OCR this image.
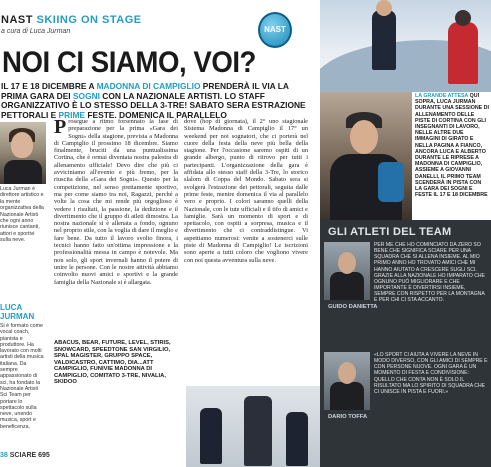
NAST SKIING ON STAGE
a cura di Luca Jurman	NAST
NOI CI SIAMO, VOI?
IL 17 E 18 DICEMBRE A MADONNA DI CAMPIGLIO PRENDERÀ IL VIA LA PRIMA GARA DEI SOGNI CON LA NAZIONALE ARTISTI. LO STAFF ORGANIZZATIVO È LO STESSO DELLA 3-TRE! SABATO SERA ESTRAZIONE PETTORALI E PRIME FESTE. DOMENICA IL PARALLELO
Luca Jurman è direttore artistico e la mente organizzativa della Nazionale Artisti che ogni anno riunisce cantanti, attori e sportivi sulla neve.
LUCA
JURMAN
Si è formato come vocal coach, pianista e produttore. Ha lavorato con molti artisti della musica italiana. Da sempre appassionato di sci, ha fondato la Nazionale Artisti Sci Team per portare lo spettacolo sulla neve, unendo musica, sport e beneficenza.
Prosegue a ritmo forsennato la fase di preparazione per la prima «Gara dei Sogni» della stagione, prevista a Madonna di Campiglio il prossimo 18 dicembre. Siamo finalmente, bruciti da una puntualissima Cortina, che è ormai diventata nostra palestra di allenamento ufficiale! Devo dire che più ci avviciniamo all'evento e più fremo, per la riuscita della «Gara dei Sogni». Questo per la competizione, nel senso prettamente sportivo, ma per come siamo tra noi, Ragazzi, perché a volte la cosa che mi rende più orgoglioso è vedere i risultati, la passione, la dedizione e il divertimento che il gruppo di atleti dimostra. La nostra nazionale si è allenata a fondo, ognuno nel proprio stile, con la voglia di dare il meglio e fare bene. Da tutto il lavoro svolto finora, i tecnici hanno fatto un'ottima impressione e la professionalità messa in campo è notevole. Ma non solo, gli sport invernali hanno il potere di unire le persone. Con le nostre attività abbiamo coinvolto nuovi amici e sportivi e la grande famiglia della Nazionale si è allargata.
dove (hop di giornata), il 2° uno stagionale Sistema Madonna di Campiglio il 17° un weekend per noi sognatori, che ci porterà nel cuore della festa della neve più bella della stagione. Per l'occasione saremo ospiti di un grande albergo, punto di ritrovo per tutti i partecipanti. L'organizzazione della gara è affidata allo stesso staff della 3-Tre, lo storico slalom di Coppa del Mondo. Sabato sera si svolgerà l'estrazione dei pettorali, seguita dalle prime feste, mentre domenica il via al parallelo vero e proprio. I colori saranno quelli della Nazionale, con le tute ufficiali e il tifo di amici e famiglie. Sarà un momento di sport e di spettacolo, con ospiti a sorpresa, musica e il divertimento che ci contraddistingue. Vi aspettiamo numerosi: venite a sostenerci sulle piste di Madonna di Campiglio! Le iscrizioni sono aperte a tutti coloro che vogliono vivere con noi questa avventura sulla neve.
ABACUS, BEAR, FUTURE, LEVEL, STIRIS, SNOWCARD, SPEEDTONE SAN VIRGILIO, SPAL MAGISTER, GRUPPO SPACE, VALDICASTRO, CATTIMO, DIA...ATT CAMPIGLIO, FUNIVIE MADONNA DI CAMPIGLIO, COMITATO 3-TRE, NIVALIA, SKIDOO
LA GRANDE ATTESA QUI SOPRA, LUCA JURMAN DURANTE UNA SESSIONE DI ALLENAMENTO DELLE PISTE DI CORTINA CON GLI INSEGNANTI DI LAVORO, NELLE ALTRE DUE IMMAGINI DI GIRATO E NELLA PAGINA A FIANCO, ANCORA LUCA E ALBERTO DURANTE LE RIPRESE A MADONNA DI CAMPIGLIO, ASSIEME A GIOVANNI DANELLI, IL PRIMO TEAM SCENDERÀ IN PISTA CON LA GARA DEI SOGNI E FESTE IL 17 E 18 DICEMBRE
GLI ATLETI DEL TEAM
GUIDO DANIETTA
PER ME CHE HO COMINCIATO DA ZERO SO BENE CHE SIGNIFICA SCIARE PER UNA SQUADRA CHE SI ALLENA INSIEME. AL MIO PRIMO ANNO HO TROVATO AMICI CHE MI HANNO AIUTATO A CRESCERE SUGLI SCI. GRAZIE ALLA NAZIONALE HO IMPARATO CHE OGNUNO PUÒ MIGLIORARE E CHE IMPORTANTE È DIVERTIRSI INSIEME, SEMPRE CON RISPETTO PER LA MONTAGNA E PER CHI CI STA ACCANTO.
DARIO TOFFA
«LO SPORT CI AIUTA A VIVERE LA NEVE IN MODO DIVERSO, CON GLI AMICI DI SEMPRE E CON PERSONE NUOVE. OGNI GARA È UN MOMENTO DI FESTA E CONDIVISIONE: QUELLO CHE CONTA NON È SOLO IL RISULTATO MA LO SPIRITO DI SQUADRA CHE CI UNISCE IN PISTA E FUORI.»
38 SCIARE 695
